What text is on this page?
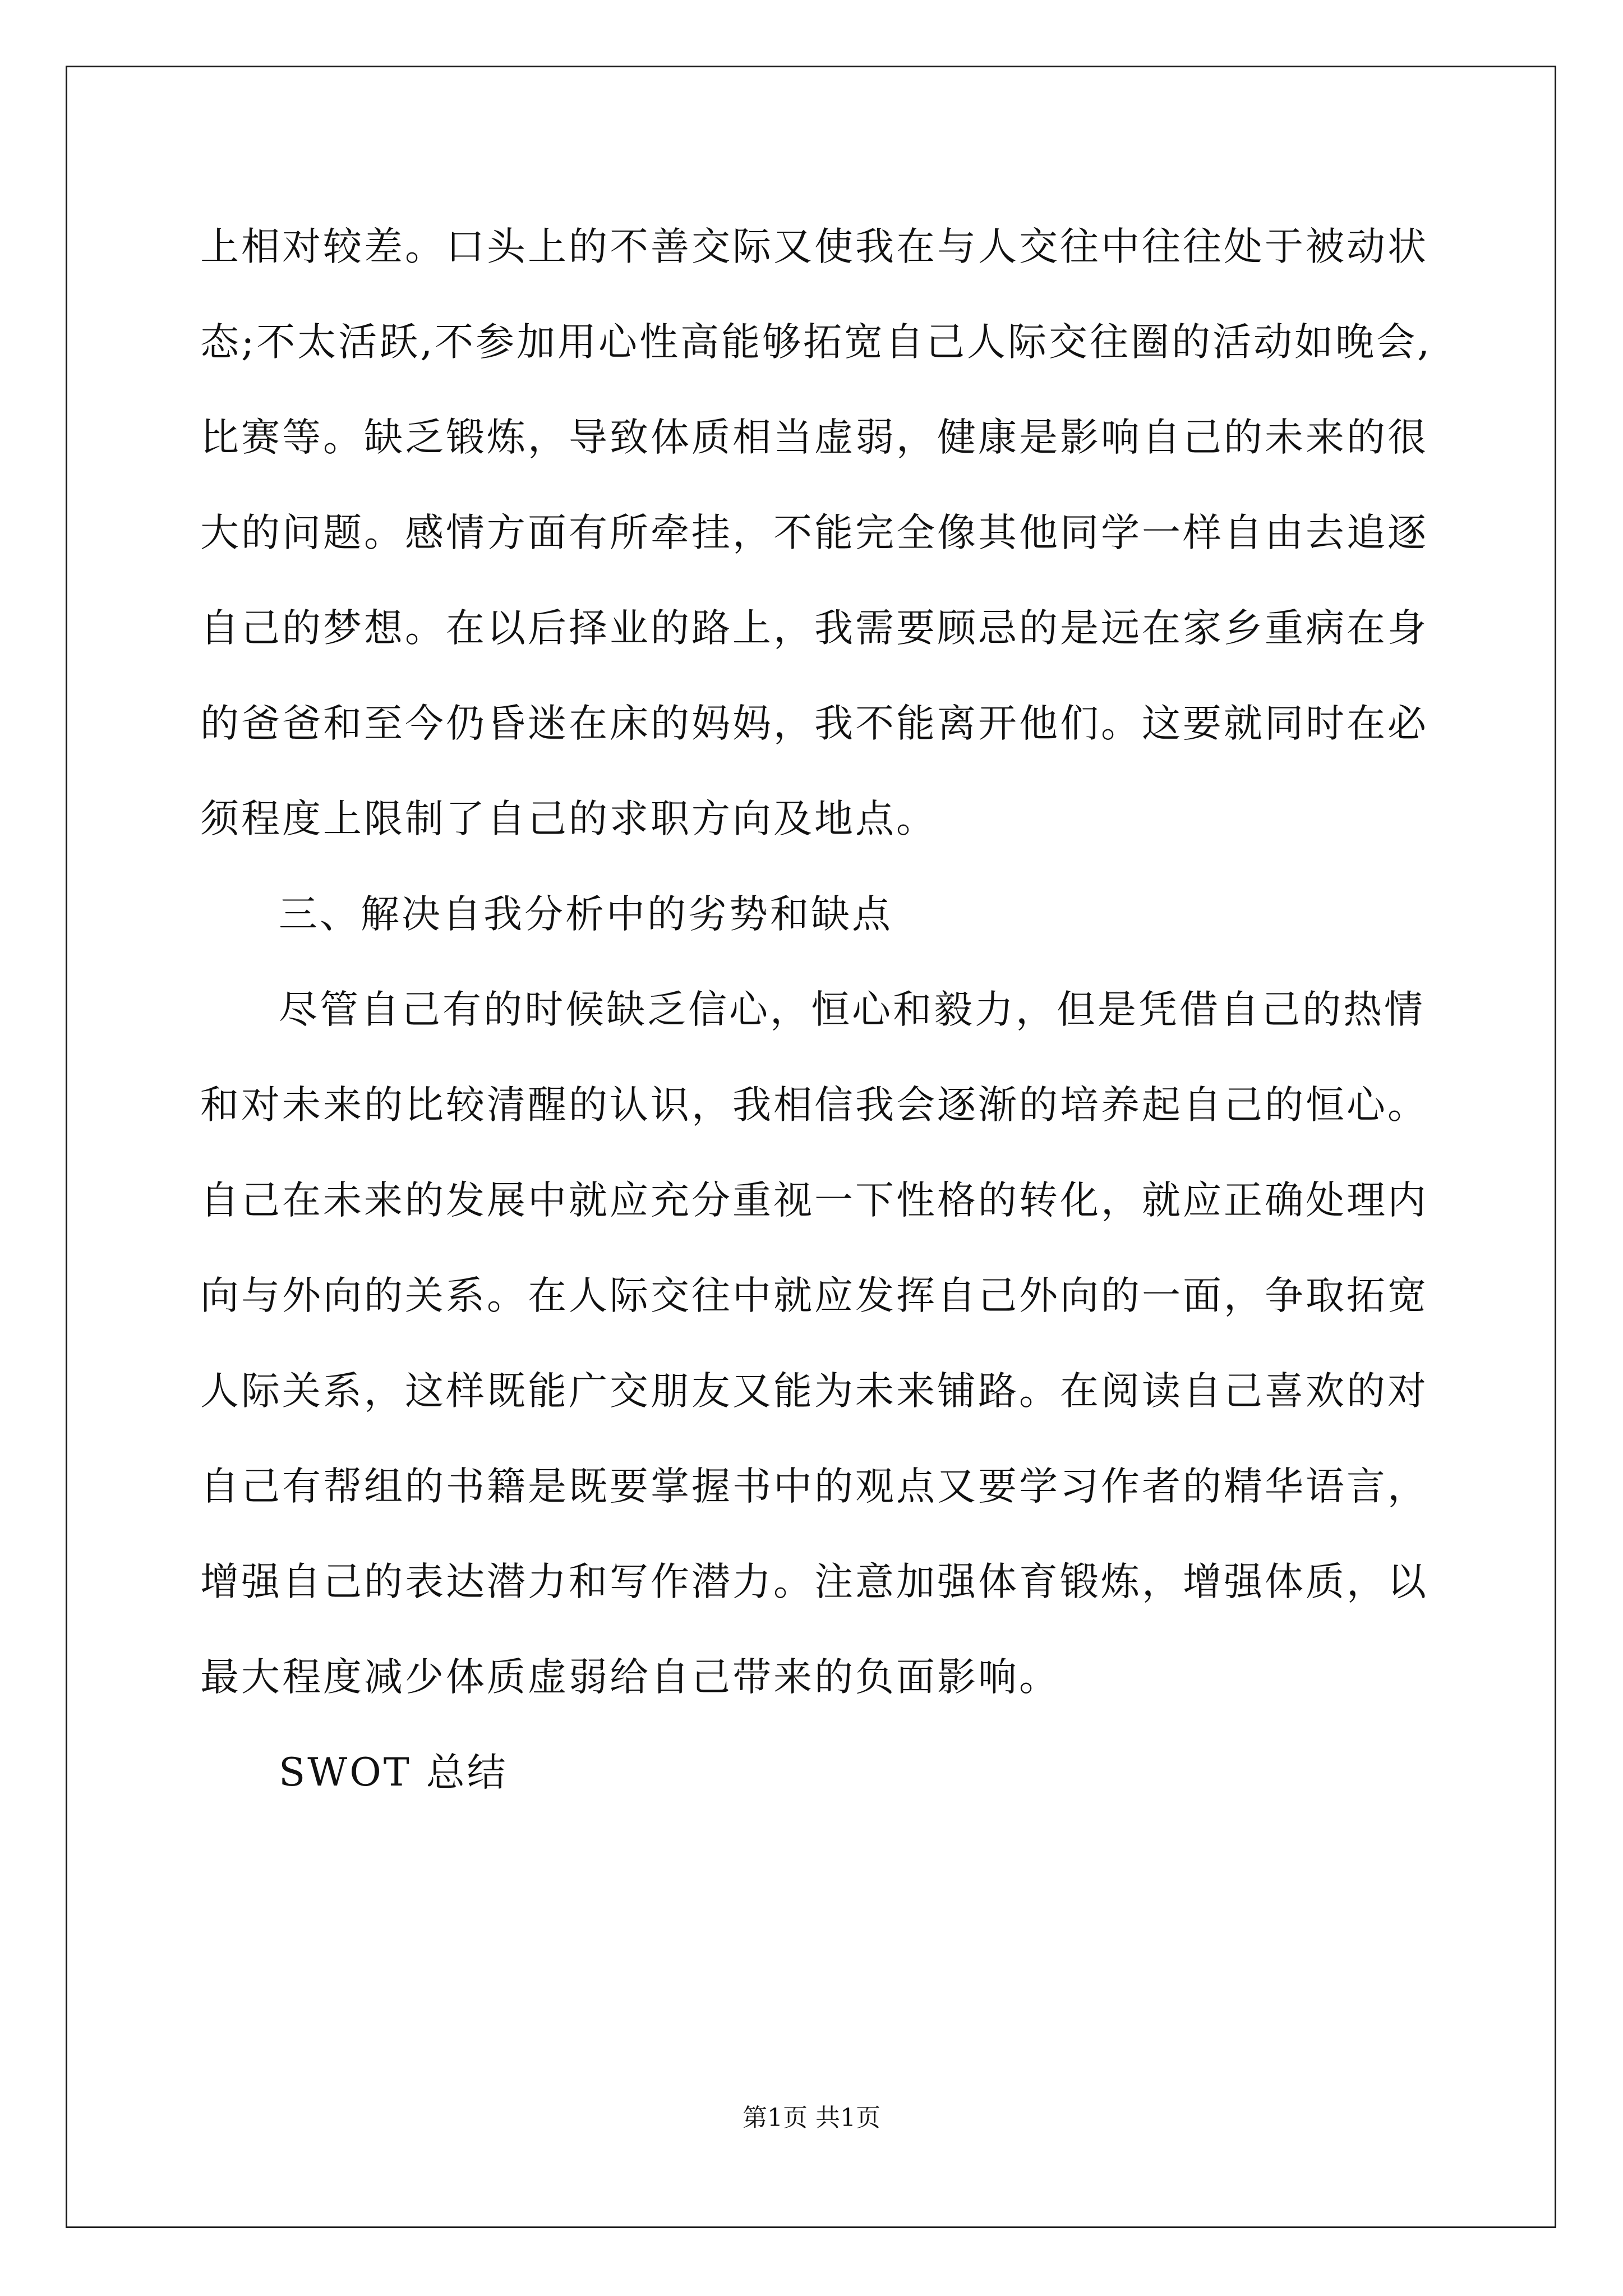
上相对较差。口头上的不善交际又使我在与人交往中往往处于被动状
态;不太活跃,不参加用心性高能够拓宽自己人际交往圈的活动如晚会,
比赛等。缺乏锻炼，导致体质相当虚弱，健康是影响自己的未来的很
大的问题。感情方面有所牵挂，不能完全像其他同学一样自由去追逐
自己的梦想。在以后择业的路上，我需要顾忌的是远在家乡重病在身
的爸爸和至今仍昏迷在床的妈妈，我不能离开他们。这要就同时在必
须程度上限制了自己的求职方向及地点。
三、解决自我分析中的劣势和缺点
尽管自己有的时候缺乏信心，恒心和毅力，但是凭借自己的热情
和对未来的比较清醒的认识，我相信我会逐渐的培养起自己的恒心。
自己在未来的发展中就应充分重视一下性格的转化，就应正确处理内
向与外向的关系。在人际交往中就应发挥自己外向的一面，争取拓宽
人际关系，这样既能广交朋友又能为未来铺路。在阅读自己喜欢的对
自己有帮组的书籍是既要掌握书中的观点又要学习作者的精华语言，
增强自己的表达潜力和写作潜力。注意加强体育锻炼，增强体质，以
最大程度减少体质虚弱给自己带来的负面影响。
SWOT 总结
第1页 共1页
